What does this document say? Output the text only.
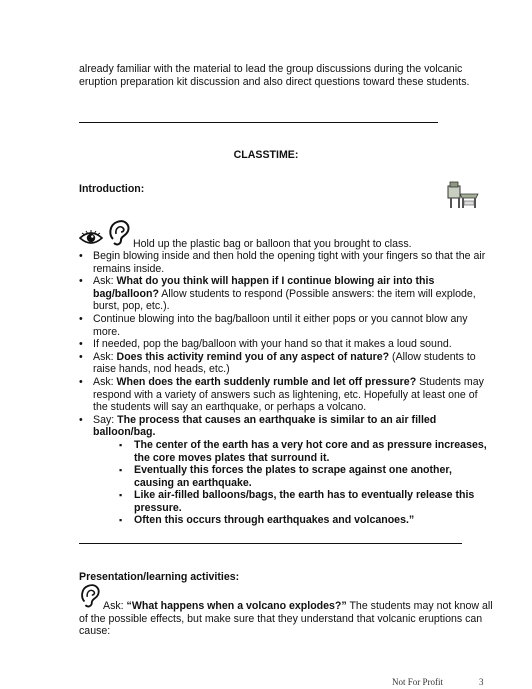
already familiar with the material to lead the group discussions during the volcanic eruption preparation kit discussion and also direct questions toward these students.
CLASSTIME:
Introduction:
Hold up the plastic bag or balloon that you brought to class.
• Begin blowing inside and then hold the opening tight with your fingers so that the air remains inside.
• Ask: What do you think will happen if I continue blowing air into this bag/balloon? Allow students to respond (Possible answers: the item will explode, burst, pop, etc.).
• Continue blowing into the bag/balloon until it either pops or you cannot blow any more.
• If needed, pop the bag/balloon with your hand so that it makes a loud sound.
• Ask: Does this activity remind you of any aspect of nature? (Allow students to raise hands, nod heads, etc.)
• Ask: When does the earth suddenly rumble and let off pressure? Students may respond with a variety of answers such as lightening, etc. Hopefully at least one of the students will say an earthquake, or perhaps a volcano.
• Say: The process that causes an earthquake is similar to an air filled balloon/bag.
▪ The center of the earth has a very hot core and as pressure increases, the core moves plates that surround it.
▪ Eventually this forces the plates to scrape against one another, causing an earthquake.
▪ Like air-filled balloons/bags, the earth has to eventually release this pressure.
▪ Often this occurs through earthquakes and volcanoes.”
Presentation/learning activities:
Ask: “What happens when a volcano explodes?” The students may not know all of the possible effects, but make sure that they understand that volcanic eruptions can cause:
Not For Profit	3
